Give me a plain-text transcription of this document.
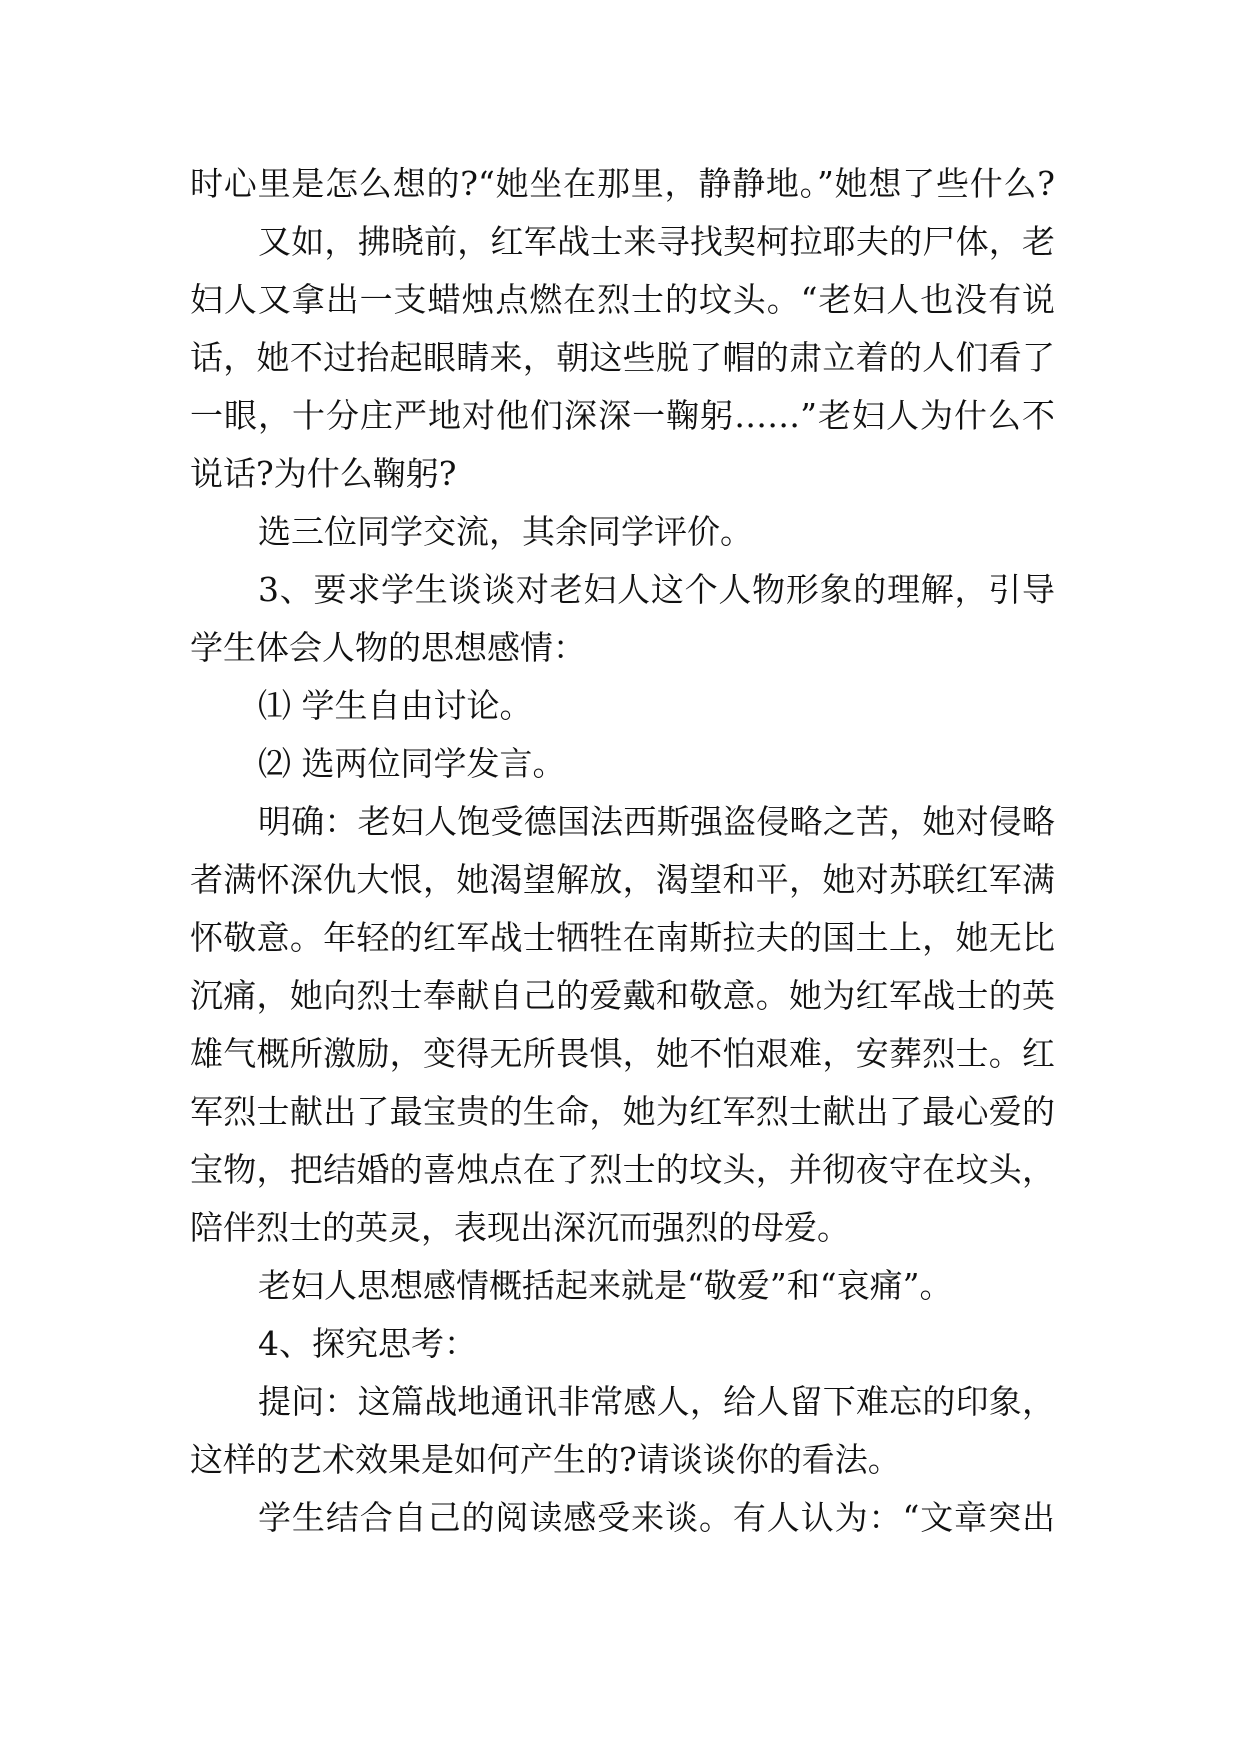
时心里是怎么想的?“她坐在那里，静静地。”她想了些什么?
又如，拂晓前，红军战士来寻找契柯拉耶夫的尸体，老
妇人又拿出一支蜡烛点燃在烈士的坟头。“老妇人也没有说
话，她不过抬起眼睛来，朝这些脱了帽的肃立着的人们看了
一眼，十分庄严地对他们深深一鞠躬……”老妇人为什么不
说话?为什么鞠躬?
选三位同学交流，其余同学评价。
3、要求学生谈谈对老妇人这个人物形象的理解，引导
学生体会人物的思想感情：
⑴ 学生自由讨论。
⑵ 选两位同学发言。
明确：老妇人饱受德国法西斯强盗侵略之苦，她对侵略
者满怀深仇大恨，她渴望解放，渴望和平，她对苏联红军满
怀敬意。年轻的红军战士牺牲在南斯拉夫的国土上，她无比
沉痛，她向烈士奉献自己的爱戴和敬意。她为红军战士的英
雄气概所激励，变得无所畏惧，她不怕艰难，安葬烈士。红
军烈士献出了最宝贵的生命，她为红军烈士献出了最心爱的
宝物，把结婚的喜烛点在了烈士的坟头，并彻夜守在坟头，
陪伴烈士的英灵，表现出深沉而强烈的母爱。
老妇人思想感情概括起来就是“敬爱”和“哀痛”。
4、探究思考：
提问：这篇战地通讯非常感人，给人留下难忘的印象，
这样的艺术效果是如何产生的?请谈谈你的看法。
学生结合自己的阅读感受来谈。有人认为：“文章突出
